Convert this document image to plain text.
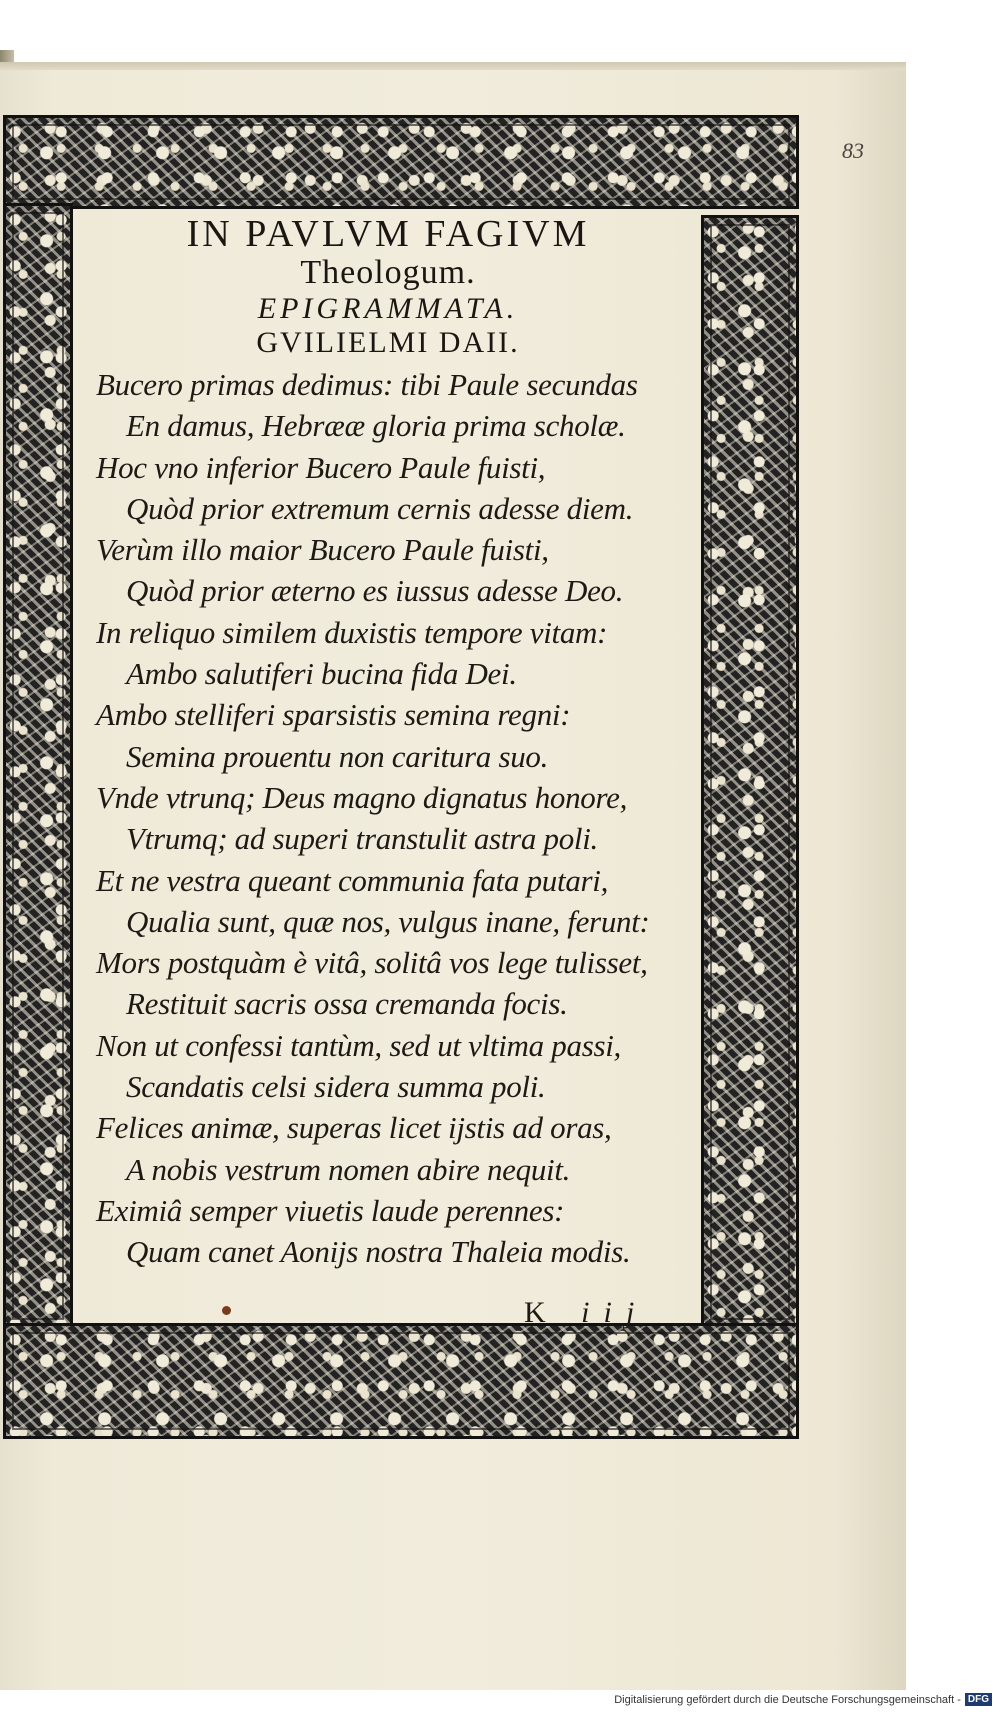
83

IN PAVLVM FAGIVM

Theologum.

EPIGRAMMATA.

GVILIELMI DAII.

Bucero primas dedimus: tibi Paule secundas
En damus, Hebrææ gloria prima scholæ.
Hoc vno inferior Bucero Paule fuisti,
Quòd prior extremum cernis adesse diem.
Verùm illo maior Bucero Paule fuisti,
Quòd prior æterno es iussus adesse Deo.
In reliquo similem duxistis tempore vitam:
Ambo salutiferi bucina fida Dei.
Ambo stelliferi sparsistis semina regni:
Semina prouentu non caritura suo.
Vnde vtrunq; Deus magno dignatus honore,
Vtrumq; ad superi transtulit astra poli.
Et ne vestra queant communia fata putari,
Qualia sunt, quæ nos, vulgus inane, ferunt:
Mors postquàm è vitâ, solitâ vos lege tulisset,
Restituit sacris ossa cremanda focis.
Non ut confessi tantùm, sed ut vltima passi,
Scandatis celsi sidera summa poli.
Felices animæ, superas licet ijstis ad oras,
A nobis vestrum nomen abire nequit.
Eximiâ semper viuetis laude perennes:
Quam canet Aonijs nostra Thaleia modis.
K iij
Digitalisierung gefördert durch die Deutsche Forschungsgemeinschaft - DFG
